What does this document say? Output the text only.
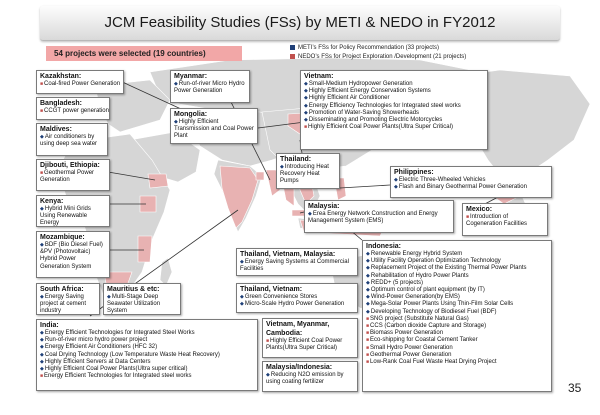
JCM Feasibility Studies (FSs) by METI & NEDO in FY2012
54 projects were selected (19 countries)
METI’s FSs for Policy Recommendation (33 projects)
NEDO’s FSs for Project Exploration /Development (21 projects)
Kazakhstan:
■ Coal-fired Power Generation
Bangladesh:
■ CCGT power generation
Maldives:
◆ Air conditioners by using deep sea water
Djibouti, Ethiopia:
■ Geothermal Power Generation
Kenya:
◆ Hybrid Mini Grids Using Renewable Energy
Mozambique:
◆ BDF (Bio Diesel Fuel) &PV (Photovoltaic) Hybrid Power Generation System
South Africa:
◆ Energy Saving project at cement industry
Mauritius & etc:
◆ Multi-Stage Deep Seawater Utilization System
India:
◆ Energy Efficient Technologies for Integrated Steel Works
◆ Run-of-river micro hydro power project
◆ Energy Efficient Air Conditioners (HFC 32)
◆ Coal Drying Technology (Low Temperature Waste Heat Recovery)
◆ Highly Efficient Servers at Data Centers
◆ Highly Efficient Coal Power Plants(Ultra super critical)
■ Energy Efficient Technologies for Integrated steel works
Myanmar:
◆ Run-of-river Micro Hydro Power Generation
Mongolia:
◆ Highly Efficient Transmission and Coal Power Plant
Vietnam:
◆ Small-Medium Hydropower Generation
◆ Highly Efficient Energy Conservation Systems
◆ Highly Efficient Air Conditioner
◆ Energy Efficiency Technologies for Integrated steel works
◆ Promotion of Water-Saving Showerheads
◆ Disseminating and Promoting Electric Motorcycles
■ Highly Efficient Coal Power Plants(Ultra Super Critical)
Thailand:
◆ Introducing Heat Recovery Heat Pumps
Philippines:
◆ Electric Three-Wheeled Vehicles
◆ Flash and Binary Geothermal Power Generation
Malaysia:
◆ Erea Energy Network Construction and Energy Management System (EMS)
Mexico:
■ Introduction of Cogeneration Facilities
Thailand, Vietnam, Malaysia:
◆ Energy Saving Systems at Commercial Facilities
Thailand, Vietnam:
◆ Green Convenience Stores
◆ Micro-Scale Hydro Power Generation
Vietnam, Myanmar, Cambodia:
■ Highly Efficient Coal Power Plants(Ultra Super Critical)
Malaysia/Indonesia:
◆ Reducing N2O emission by using coating fertilizer
Indonesia:
◆ Renewable Energy Hybrid System
◆ Utility Facility Operation Optimization Technology
◆ Replacement Project of the Existing Thermal Power Plants
◆ Rehabilitation of Hydro Power Plants
◆ REDD+ (5 projects)
◆ Optimum control of plant equipment (by IT)
◆ Wind-Power Generation(by EMS)
◆ Mega-Solar Power Plants Using Thin-Film Solar Cells
◆ Developing Technology of Biodiesel Fuel (BDF)
■ SNG project (Substitute Natural Gas)
■ CCS (Carbon dioxide Capture and Storage)
■ Biomass Power Generation
■ Eco-shipping for Coastal Cement Tanker
■ Small Hydro Power Generation
■ Geothermal Power Generation
■ Low-Rank Coal Fuel Waste Heat Drying Project
35
